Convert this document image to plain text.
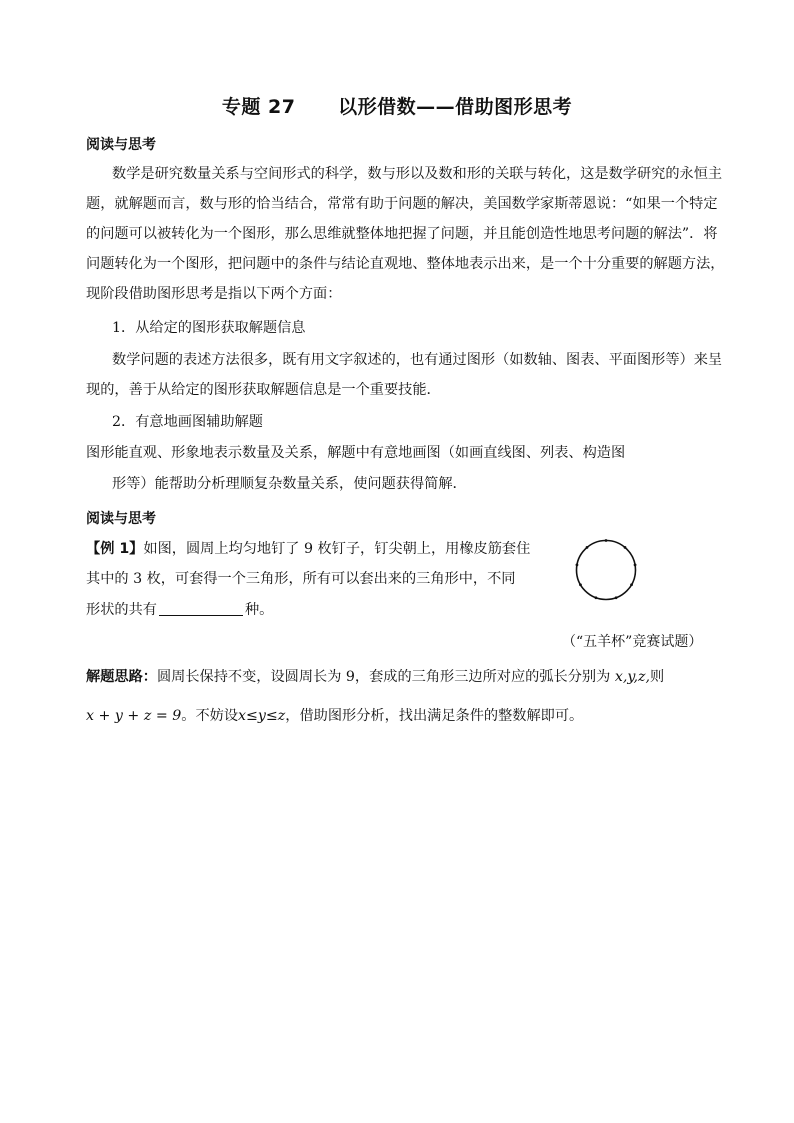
专题 27      以形借数——借助图形思考
阅读与思考
数学是研究数量关系与空间形式的科学，数与形以及数和形的关联与转化，这是数学研究的永恒主
题，就解题而言，数与形的恰当结合，常常有助于问题的解决，美国数学家斯蒂恩说：“如果一个特定
的问题可以被转化为一个图形，那么思维就整体地把握了问题，并且能创造性地思考问题的解法”．将
问题转化为一个图形，把问题中的条件与结论直观地、整体地表示出来，是一个十分重要的解题方法，
现阶段借助图形思考是指以下两个方面：
1．从给定的图形获取解题信息
数学问题的表述方法很多，既有用文字叙述的，也有通过图形（如数轴、图表、平面图形等）来呈
现的，善于从给定的图形获取解题信息是一个重要技能．
2．有意地画图辅助解题
图形能直观、形象地表示数量及关系，解题中有意地画图（如画直线图、列表、构造图
形等）能帮助分析理顺复杂数量关系，使问题获得简解．
阅读与思考
【例 1】如图，圆周上均匀地钉了 9 枚钉子，钉尖朝上，用橡皮筋套住
其中的 3 枚，可套得一个三角形，所有可以套出来的三角形中，不同
形状的共有	种。
（“五羊杯”竞赛试题）
解题思路：圆周长保持不变，设圆周长为 9，套成的三角形三边所对应的弧长分别为 x,y,z,则
x + y + z = 9。不妨设x≤y≤z，借助图形分析，找出满足条件的整数解即可。
